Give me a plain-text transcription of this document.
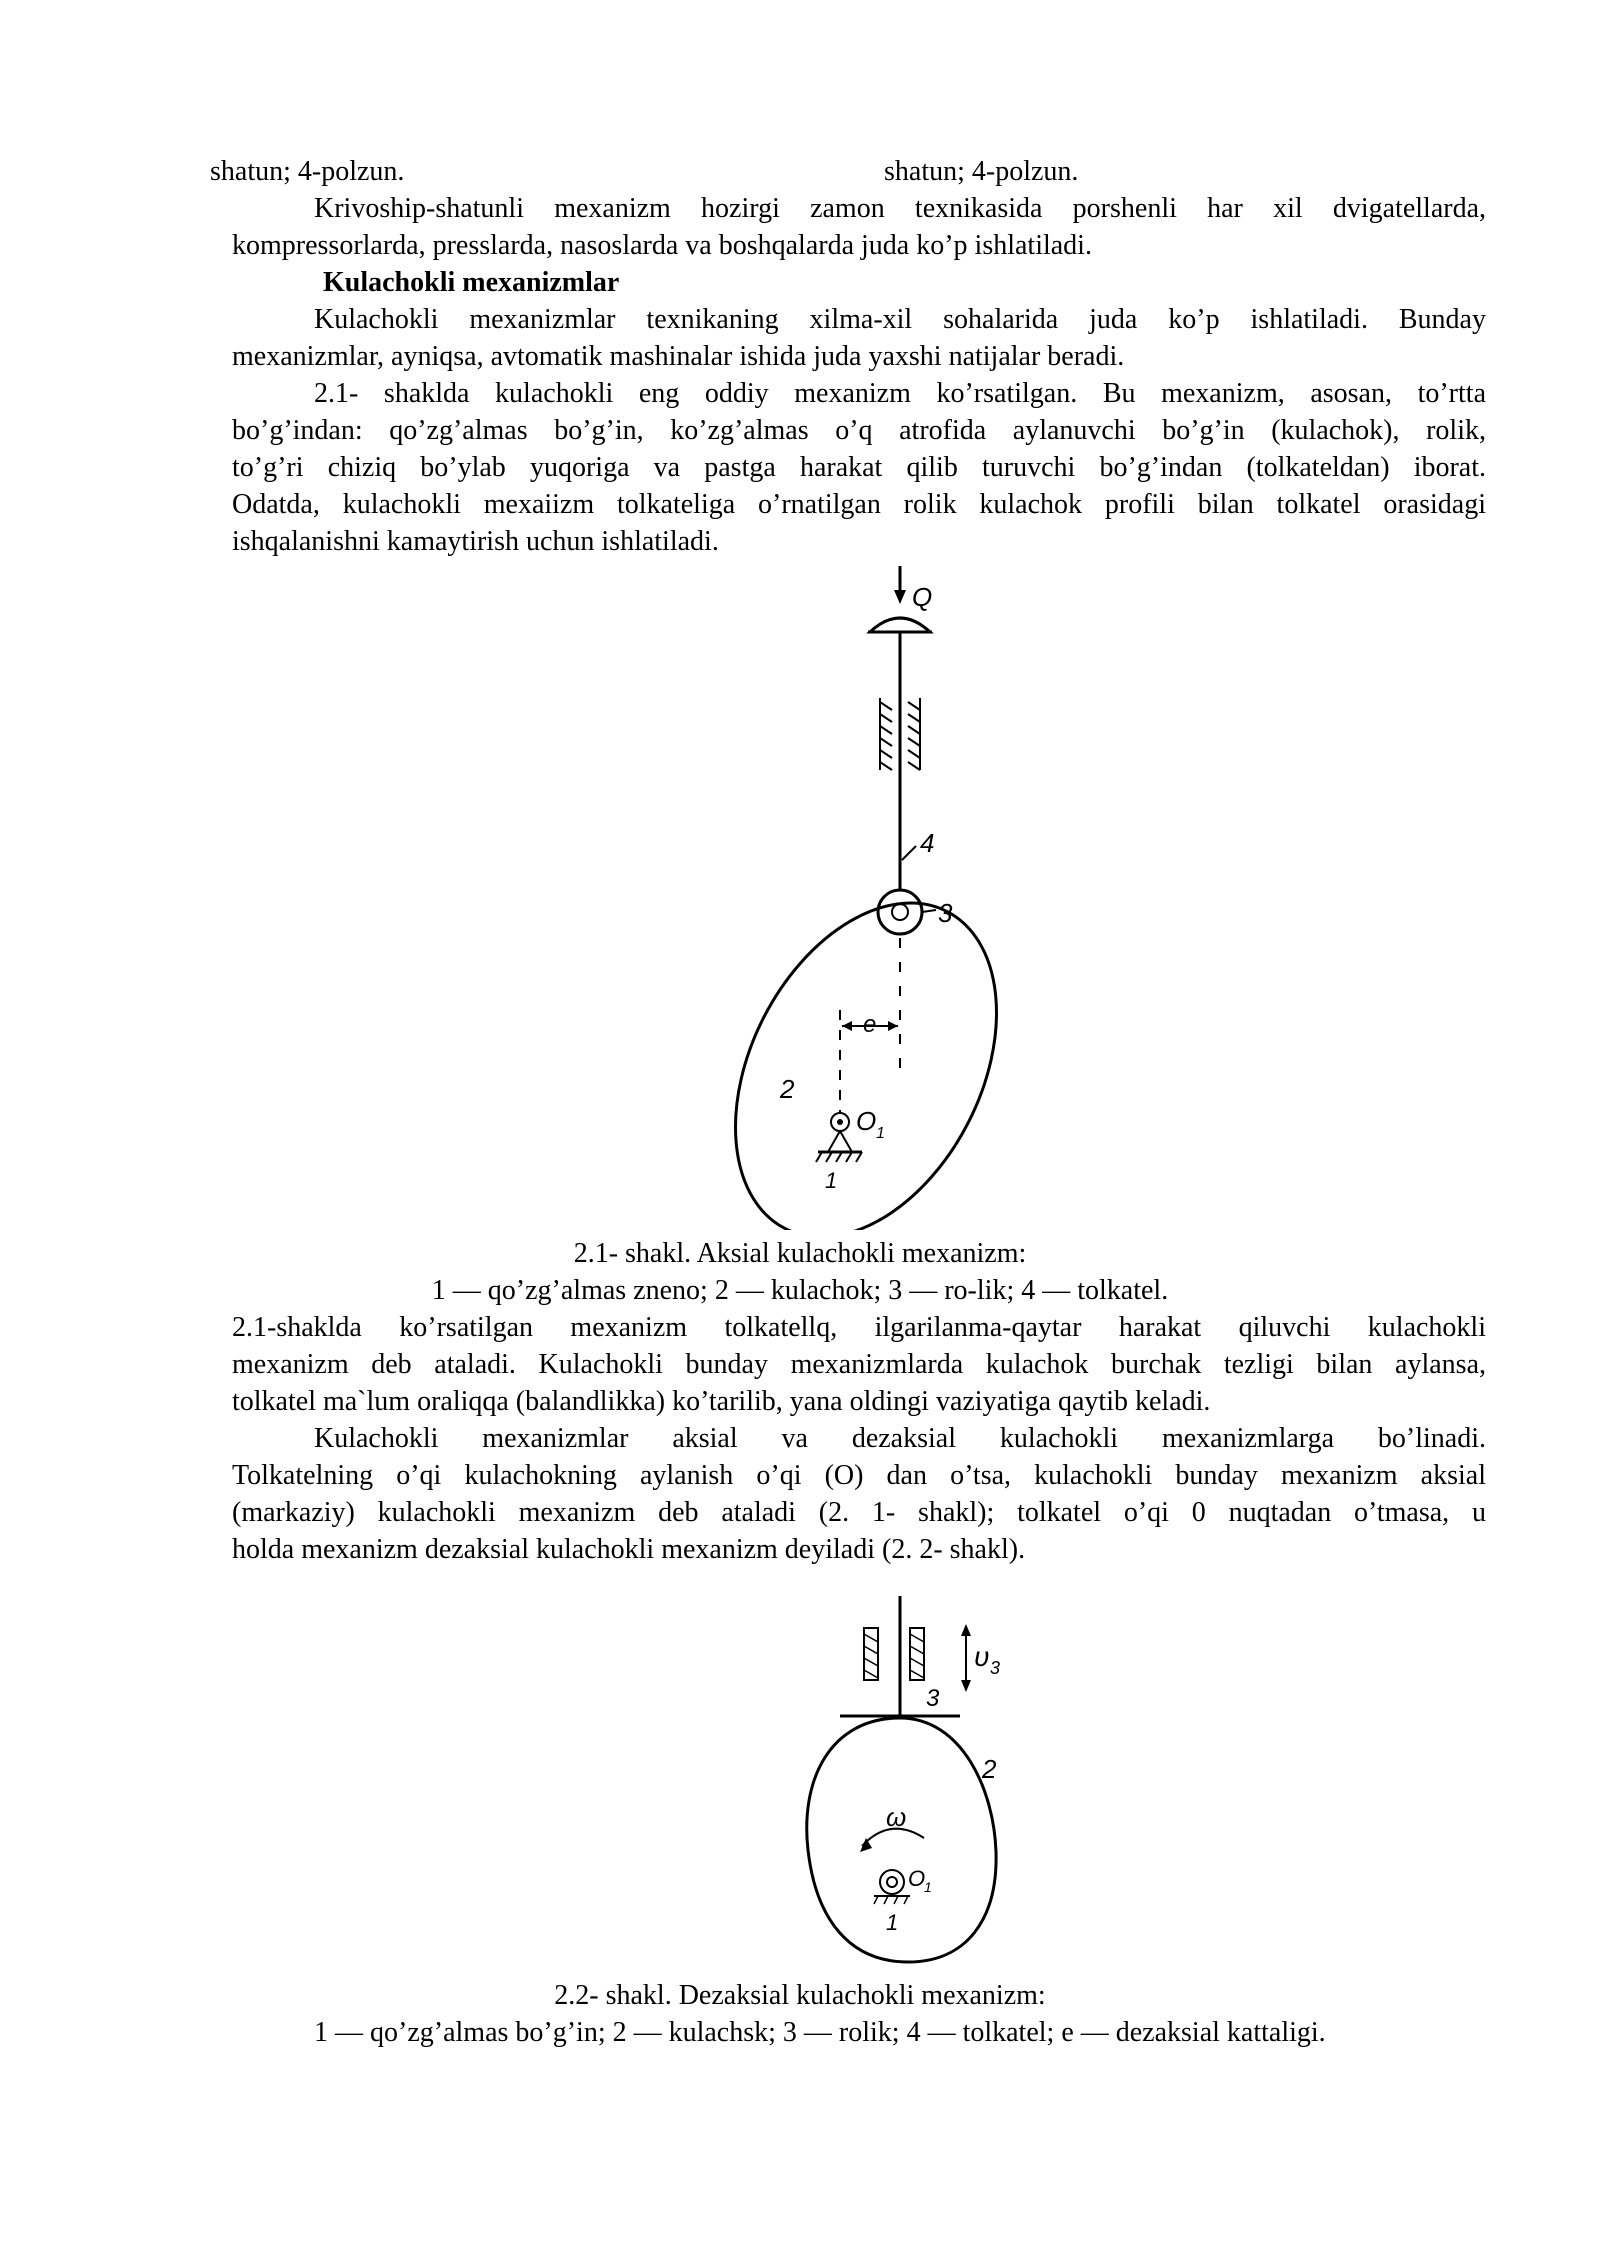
shatun; 4-polzun.	shatun; 4-polzun.
Krivoship-shatunli mexanizm hozirgi zamon texnikasida porshenli har xil dvigatellarda,
kompressorlarda, presslarda, nasoslarda va boshqalarda juda ko’p ishlatiladi.
Kulachokli mexanizmlar
Kulachokli mexanizmlar texnikaning xilma-xil sohalarida juda ko’p ishlatiladi. Bunday
mexanizmlar, ayniqsa, avtomatik mashinalar ishida juda yaxshi natijalar beradi.
2.1- shaklda kulachokli eng oddiy mexanizm ko’rsatilgan. Bu mexanizm, asosan, to’rtta
bo’g’indan: qo’zg’almas bo’g’in, ko’zg’almas o’q atrofida aylanuvchi bo’g’in (kulachok), rolik,
to’g’ri chiziq bo’ylab yuqoriga va pastga harakat qilib turuvchi bo’g’indan (tolkateldan) iborat.
Odatda, kulachokli mexaiizm tolkateliga o’rnatilgan rolik kulachok profili bilan tolkatel orasidagi
ishqalanishni kamaytirish uchun ishlatiladi.
Q
4
3
e
O 1
1
2
2.1- shakl. Aksial kulachokli mexanizm:
1 — qo’zg’almas zneno; 2 — kulachok; 3 — ro-lik; 4 — tolkatel.
2.1-shaklda ko’rsatilgan mexanizm tolkatellq, ilgarilanma-qaytar harakat qiluvchi kulachokli
mexanizm deb ataladi. Kulachokli bunday mexanizmlarda kulachok burchak tezligi bilan aylansa,
tolkatel ma`lum oraliqqa (balandlikka) ko’tarilib, yana oldingi vaziyatiga qaytib keladi.
Kulachokli mexanizmlar aksial va dezaksial kulachokli mexanizmlarga bo’linadi.
Tolkatelning o’qi kulachokning aylanish o’qi (O) dan o’tsa, kulachokli bunday mexanizm aksial
(markaziy) kulachokli mexanizm deb ataladi (2. 1- shakl); tolkatel o’qi 0 nuqtadan o’tmasa, u
holda mexanizm dezaksial kulachokli mexanizm deyiladi (2. 2- shakl).
υ 3
3
2
ω
O
1
1
2.2- shakl. Dezaksial kulachokli mexanizm:
1 — qo’zg’almas bo’g’in; 2 — kulachsk; 3 — rolik; 4 — tolkatel; e — dezaksial kattaligi.
